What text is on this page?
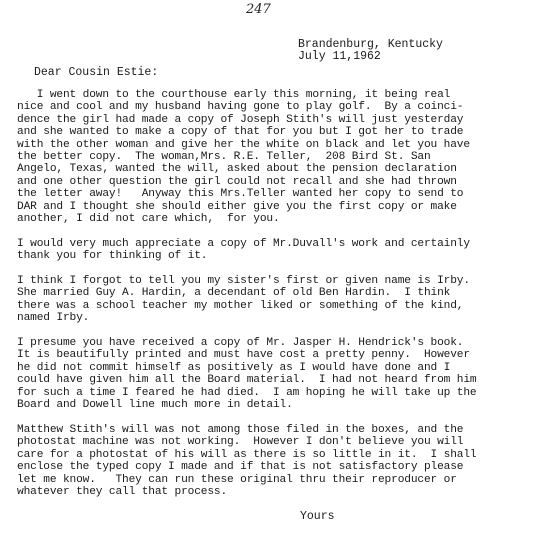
247
Brandenburg, Kentucky
July 11,1962
Dear Cousin Estie:

I went down to the courthouse early this morning, it being real
nice and cool and my husband having gone to play golf.  By a coinci-
dence the girl had made a copy of Joseph Stith's will just yesterday
and she wanted to make a copy of that for you but I got her to trade
with the other woman and give her the white on black and let you have
the better copy.  The woman,Mrs. R.E. Teller,  208 Bird St. San
Angelo, Texas, wanted the will, asked about the pension declaration
and one other question the girl could not recall and she had thrown
the letter away!   Anyway this Mrs.Teller wanted her copy to send to
DAR and I thought she should either give you the first copy or make
another, I did not care which,  for you.

I would very much appreciate a copy of Mr.Duvall's work and certainly
thank you for thinking of it.

I think I forgot to tell you my sister's first or given name is Irby.
She married Guy A. Hardin, a decendant of old Ben Hardin.  I think
there was a school teacher my mother liked or something of the kind,
named Irby.

I presume you have received a copy of Mr. Jasper H. Hendrick's book.
It is beautifully printed and must have cost a pretty penny.  However
he did not commit himself as positively as I would have done and I
could have given him all the Board material.  I had not heard from him
for such a time I feared he had died.  I am hoping he will take up the
Board and Dowell line much more in detail.

Matthew Stith's will was not among those filed in the boxes, and the
photostat machine was not working.  However I don't believe you will
care for a photostat of his will as there is so little in it.  I shall
enclose the typed copy I made and if that is not satisfactory please
let me know.   They can run these original thru their reproducer or
whatever they call that process.

Yours
